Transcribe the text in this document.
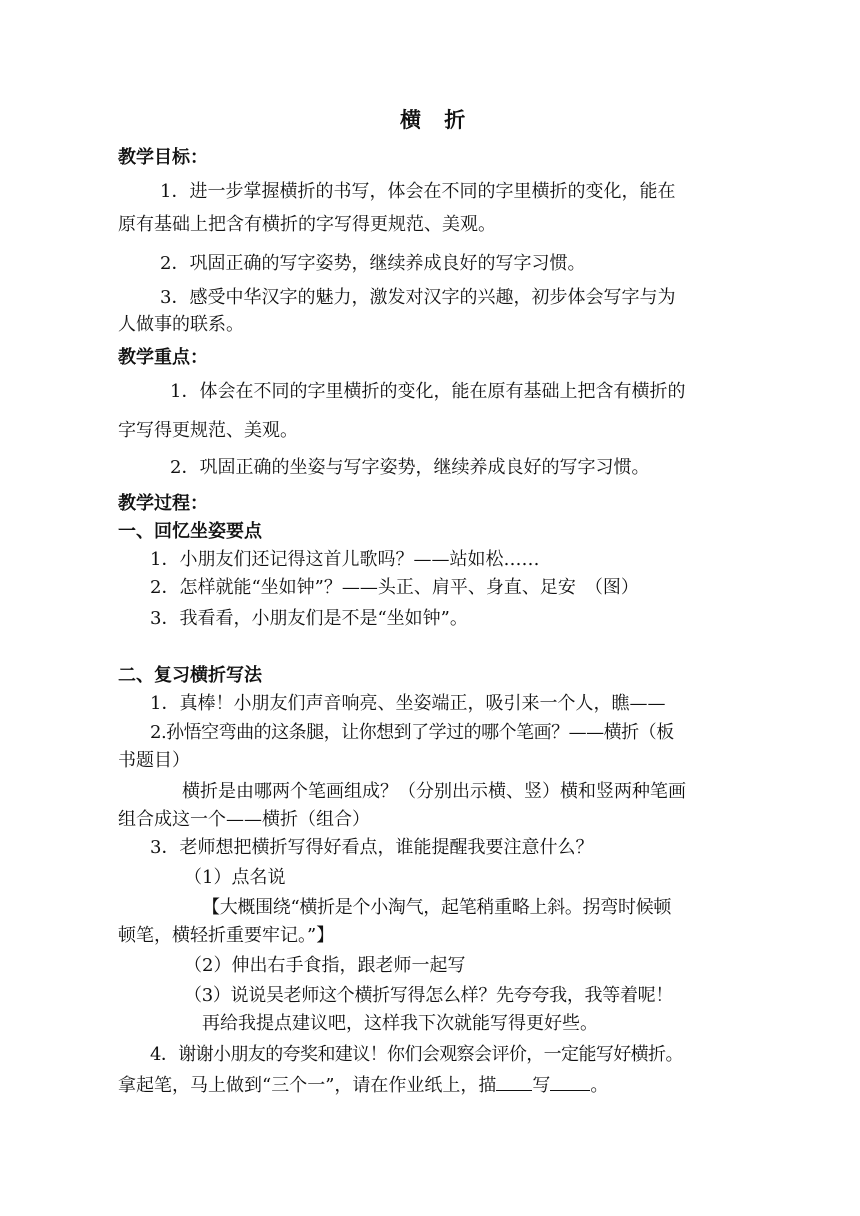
横 折
教学目标：
1．进一步掌握横折的书写，体会在不同的字里横折的变化，能在
原有基础上把含有横折的字写得更规范、美观。
2．巩固正确的写字姿势，继续养成良好的写字习惯。
3．感受中华汉字的魅力，激发对汉字的兴趣，初步体会写字与为
人做事的联系。
教学重点：
1．体会在不同的字里横折的变化，能在原有基础上把含有横折的
字写得更规范、美观。
2．巩固正确的坐姿与写字姿势，继续养成良好的写字习惯。
教学过程：
一、回忆坐姿要点
1．小朋友们还记得这首儿歌吗？——站如松……
2．怎样就能“坐如钟”？——头正、肩平、身直、足安　（图）
3．我看看，小朋友们是不是“坐如钟”。
二、复习横折写法
1．真棒！小朋友们声音响亮、坐姿端正，吸引来一个人，瞧——
2.孙悟空弯曲的这条腿，让你想到了学过的哪个笔画？——横折（板
书题目）
横折是由哪两个笔画组成？（分别出示横、竖）横和竖两种笔画
组合成这一个——横折（组合）
3．老师想把横折写得好看点，谁能提醒我要注意什么？
（1）点名说
【大概围绕“横折是个小淘气，起笔稍重略上斜。拐弯时候顿
顿笔，横轻折重要牢记。”】
（2）伸出右手食指，跟老师一起写
（3）说说吴老师这个横折写得怎么样？先夸夸我，我等着呢！
再给我提点建议吧，这样我下次就能写得更好些。
4．谢谢小朋友的夸奖和建议！你们会观察会评价，一定能写好横折。
拿起笔，马上做到“三个一”，请在作业纸上，描 写 。
